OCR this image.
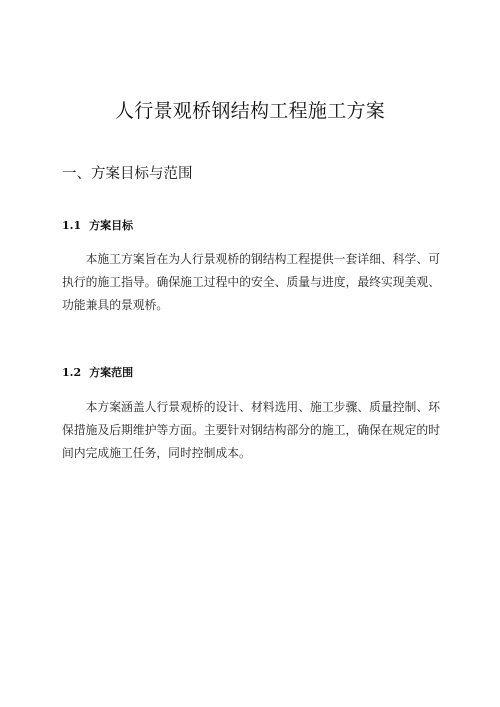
人行景观桥钢结构工程施工方案
一、方案目标与范围
1.1 方案目标

本施工方案旨在为人行景观桥的钢结构工程提供一套详细、科学、可执行的施工指导。确保施工过程中的安全、质量与进度，最终实现美观、功能兼具的景观桥。

1.2 方案范围

本方案涵盖人行景观桥的设计、材料选用、施工步骤、质量控制、环保措施及后期维护等方面。主要针对钢结构部分的施工，确保在规定的时间内完成施工任务，同时控制成本。
